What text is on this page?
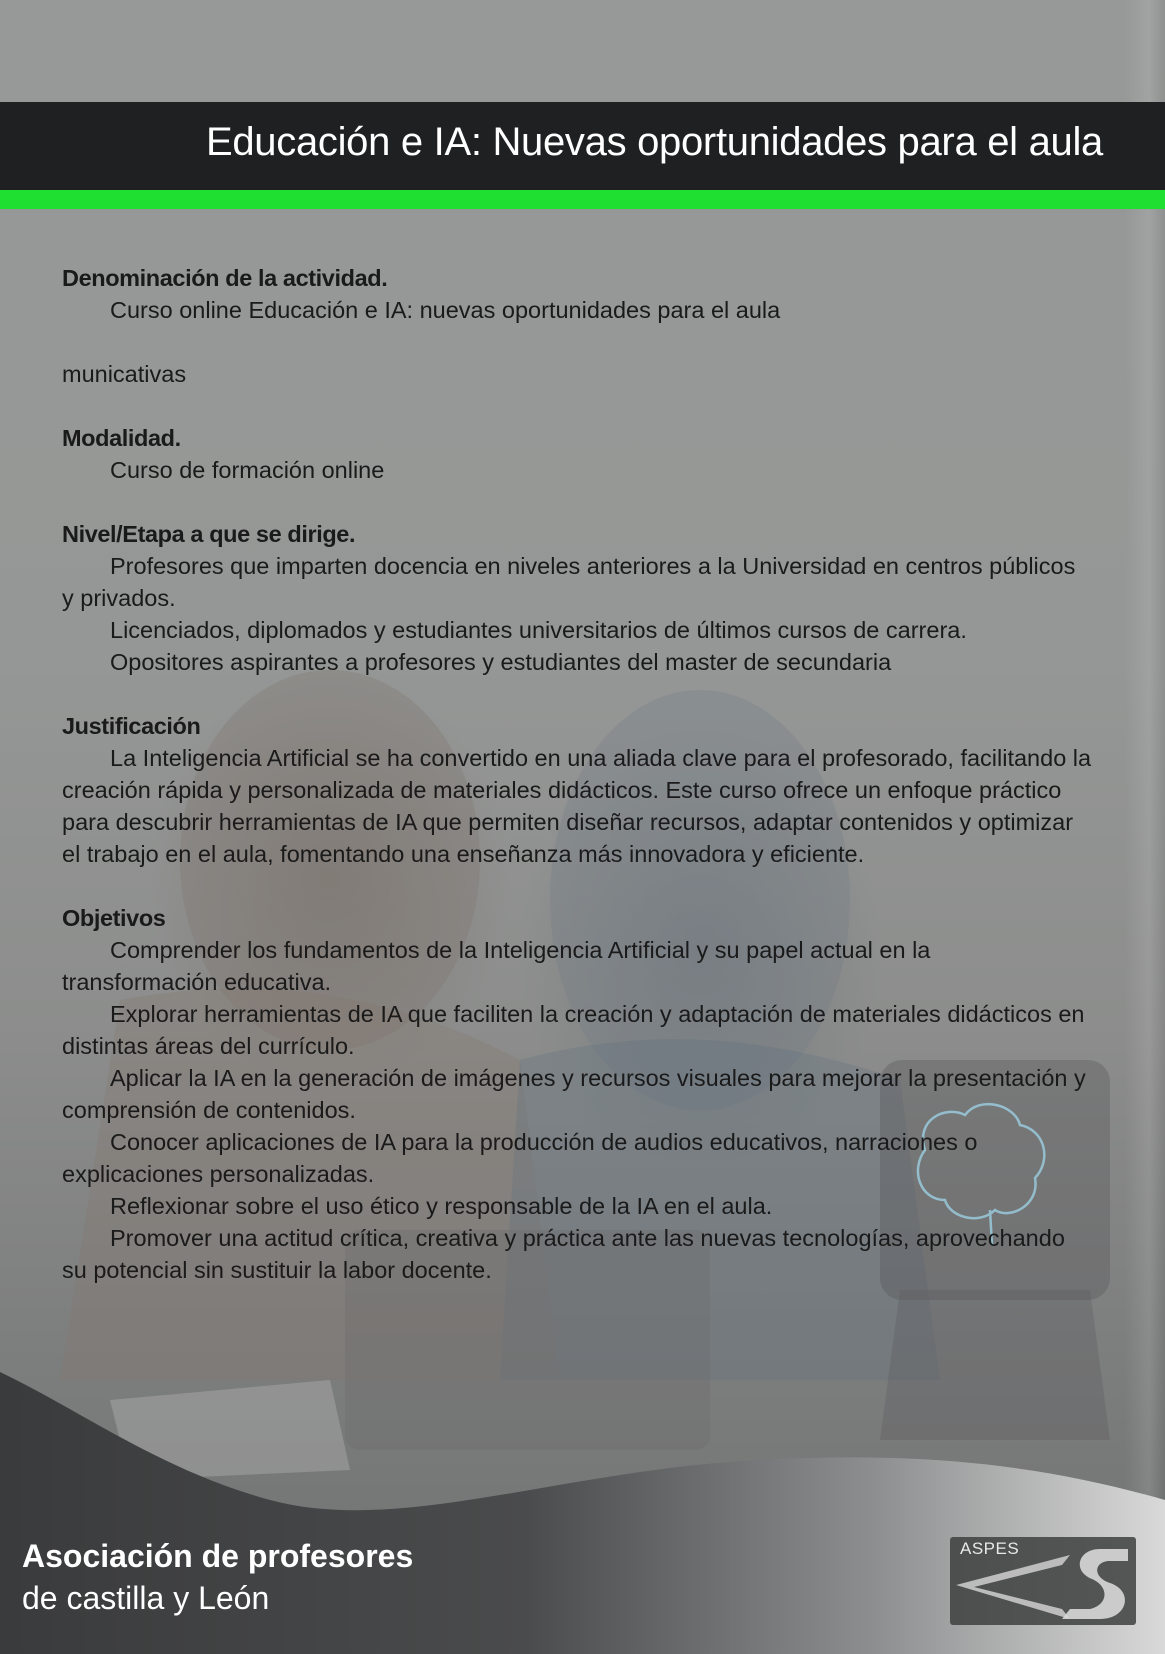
Educación e IA: Nuevas oportunidades para el aula
Denominación de la actividad.
Curso online Educación e IA: nuevas oportunidades para el aula
municativas
Modalidad.
Curso de formación online
Nivel/Etapa a que se dirige.
Profesores que imparten docencia en niveles anteriores a la Universidad en centros públicos y privados.
Licenciados, diplomados y estudiantes universitarios de últimos cursos de carrera.
Opositores aspirantes a profesores y estudiantes del master de secundaria
Justificación
La Inteligencia Artificial se ha convertido en una aliada clave para el profesorado, facilitando la creación rápida y personalizada de materiales didácticos. Este curso ofrece un enfoque práctico para descubrir herramientas de IA que permiten diseñar recursos, adaptar contenidos y optimizar el trabajo en el aula, fomentando una enseñanza más innovadora y eficiente.
Objetivos
Comprender los fundamentos de la Inteligencia Artificial y su papel actual en la transformación educativa.
Explorar herramientas de IA que faciliten la creación y adaptación de materiales didácticos en distintas áreas del currículo.
Aplicar la IA en la generación de imágenes y recursos visuales para mejorar la presentación y comprensión de contenidos.
Conocer aplicaciones de IA para la producción de audios educativos, narraciones o explicaciones personalizadas.
Reflexionar sobre el uso ético y responsable de la IA en el aula.
Promover una actitud crítica, creativa y práctica ante las nuevas tecnologías, aprovechando su potencial sin sustituir la labor docente.
Asociación de profesores
de castilla y León
ASPES
